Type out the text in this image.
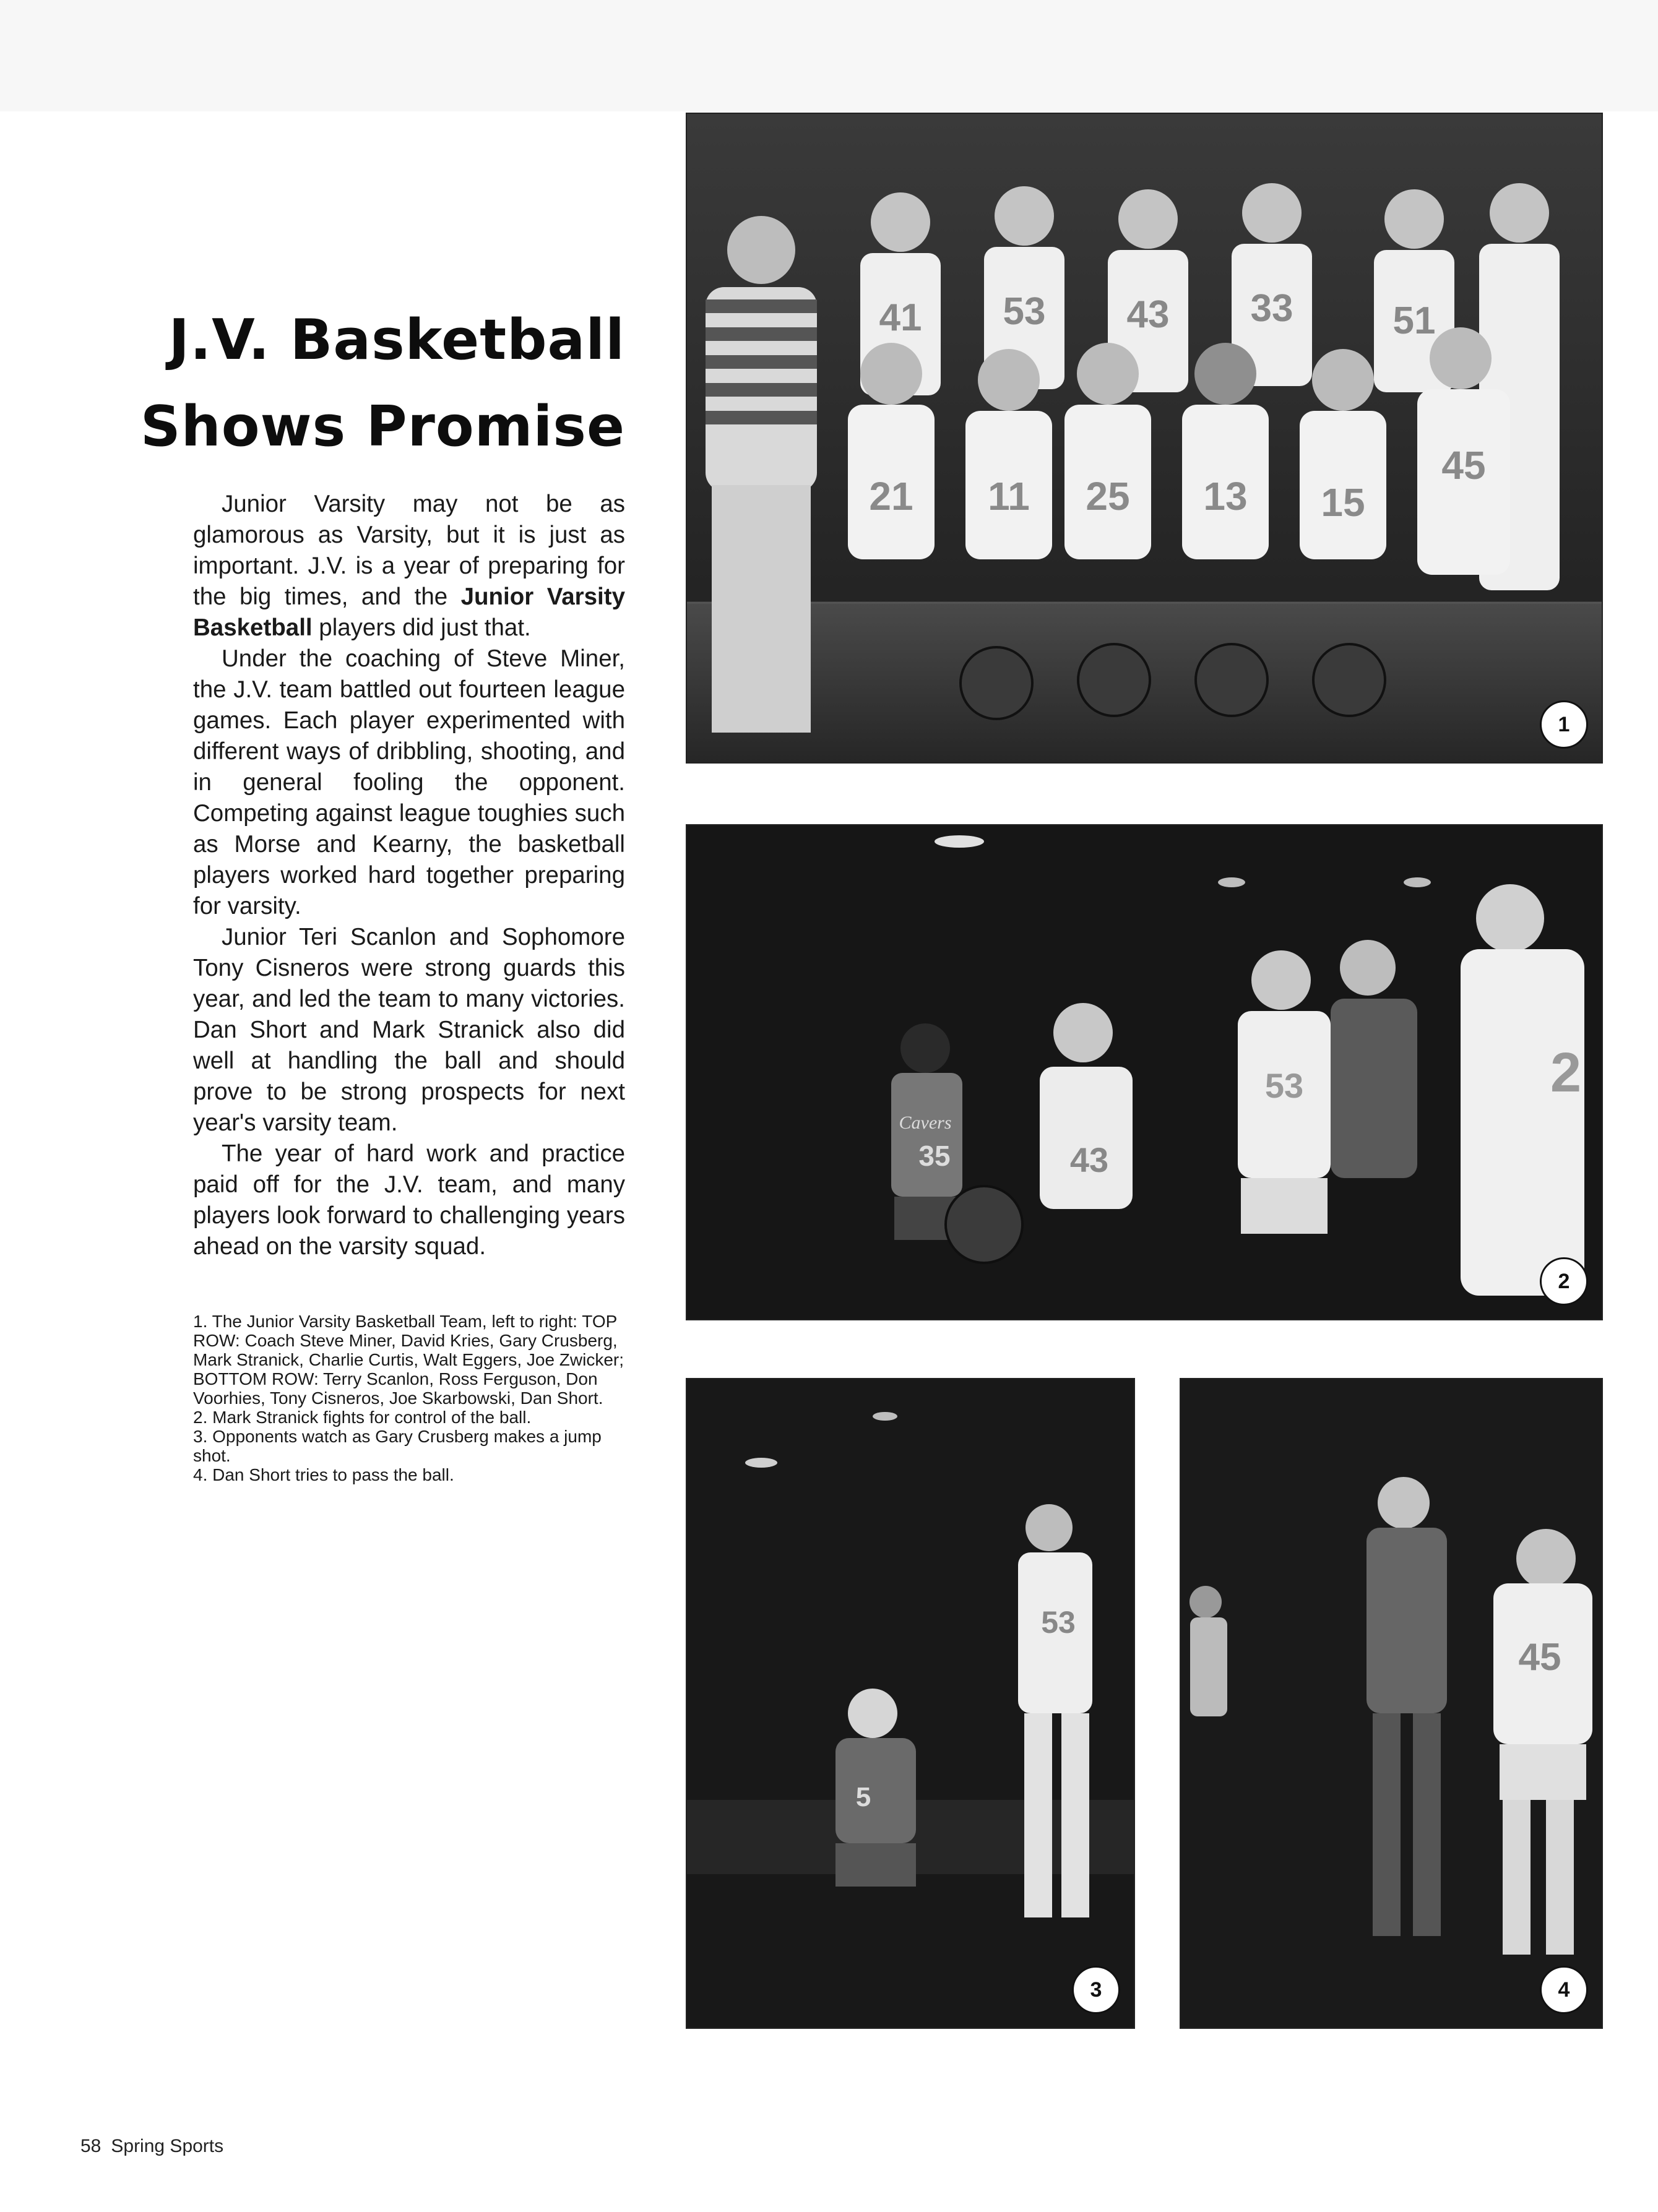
J.V. Basketball
Shows Promise

Junior Varsity may not be as glamorous as Varsity, but it is just as important. J.V. is a year of preparing for the big times, and the Junior Varsity Basketball players did just that.

Under the coaching of Steve Miner, the J.V. team battled out fourteen league games. Each player experimented with different ways of dribbling, shooting, and in general fooling the opponent. Competing against league toughies such as Morse and Kearny, the basketball players worked hard together preparing for varsity.

Junior Teri Scanlon and Sophomore Tony Cisneros were strong guards this year, and led the team to many victories. Dan Short and Mark Stranick also did well at handling the ball and should prove to be strong prospects for next year's varsity team.

The year of hard work and practice paid off for the J.V. team, and many players look forward to challenging years ahead on the varsity squad.

1. The Junior Varsity Basketball Team, left to right: TOP ROW: Coach Steve Miner, David Kries, Gary Crusberg, Mark Stranick, Charlie Curtis, Walt Eggers, Joe Zwicker; BOTTOM ROW: Terry Scanlon, Ross Ferguson, Don Voorhies, Tony Cisneros, Joe Skarbowski, Dan Short.

2. Mark Stranick fights for control of the ball.

3. Opponents watch as Gary Crusberg makes a jump shot.

4. Dan Short tries to pass the ball.

41 53 43 33	51
21 11 25 13 15
45
1
Cavers
35	43
53	2
2
53
5
3
45
4
58 Spring Sports
